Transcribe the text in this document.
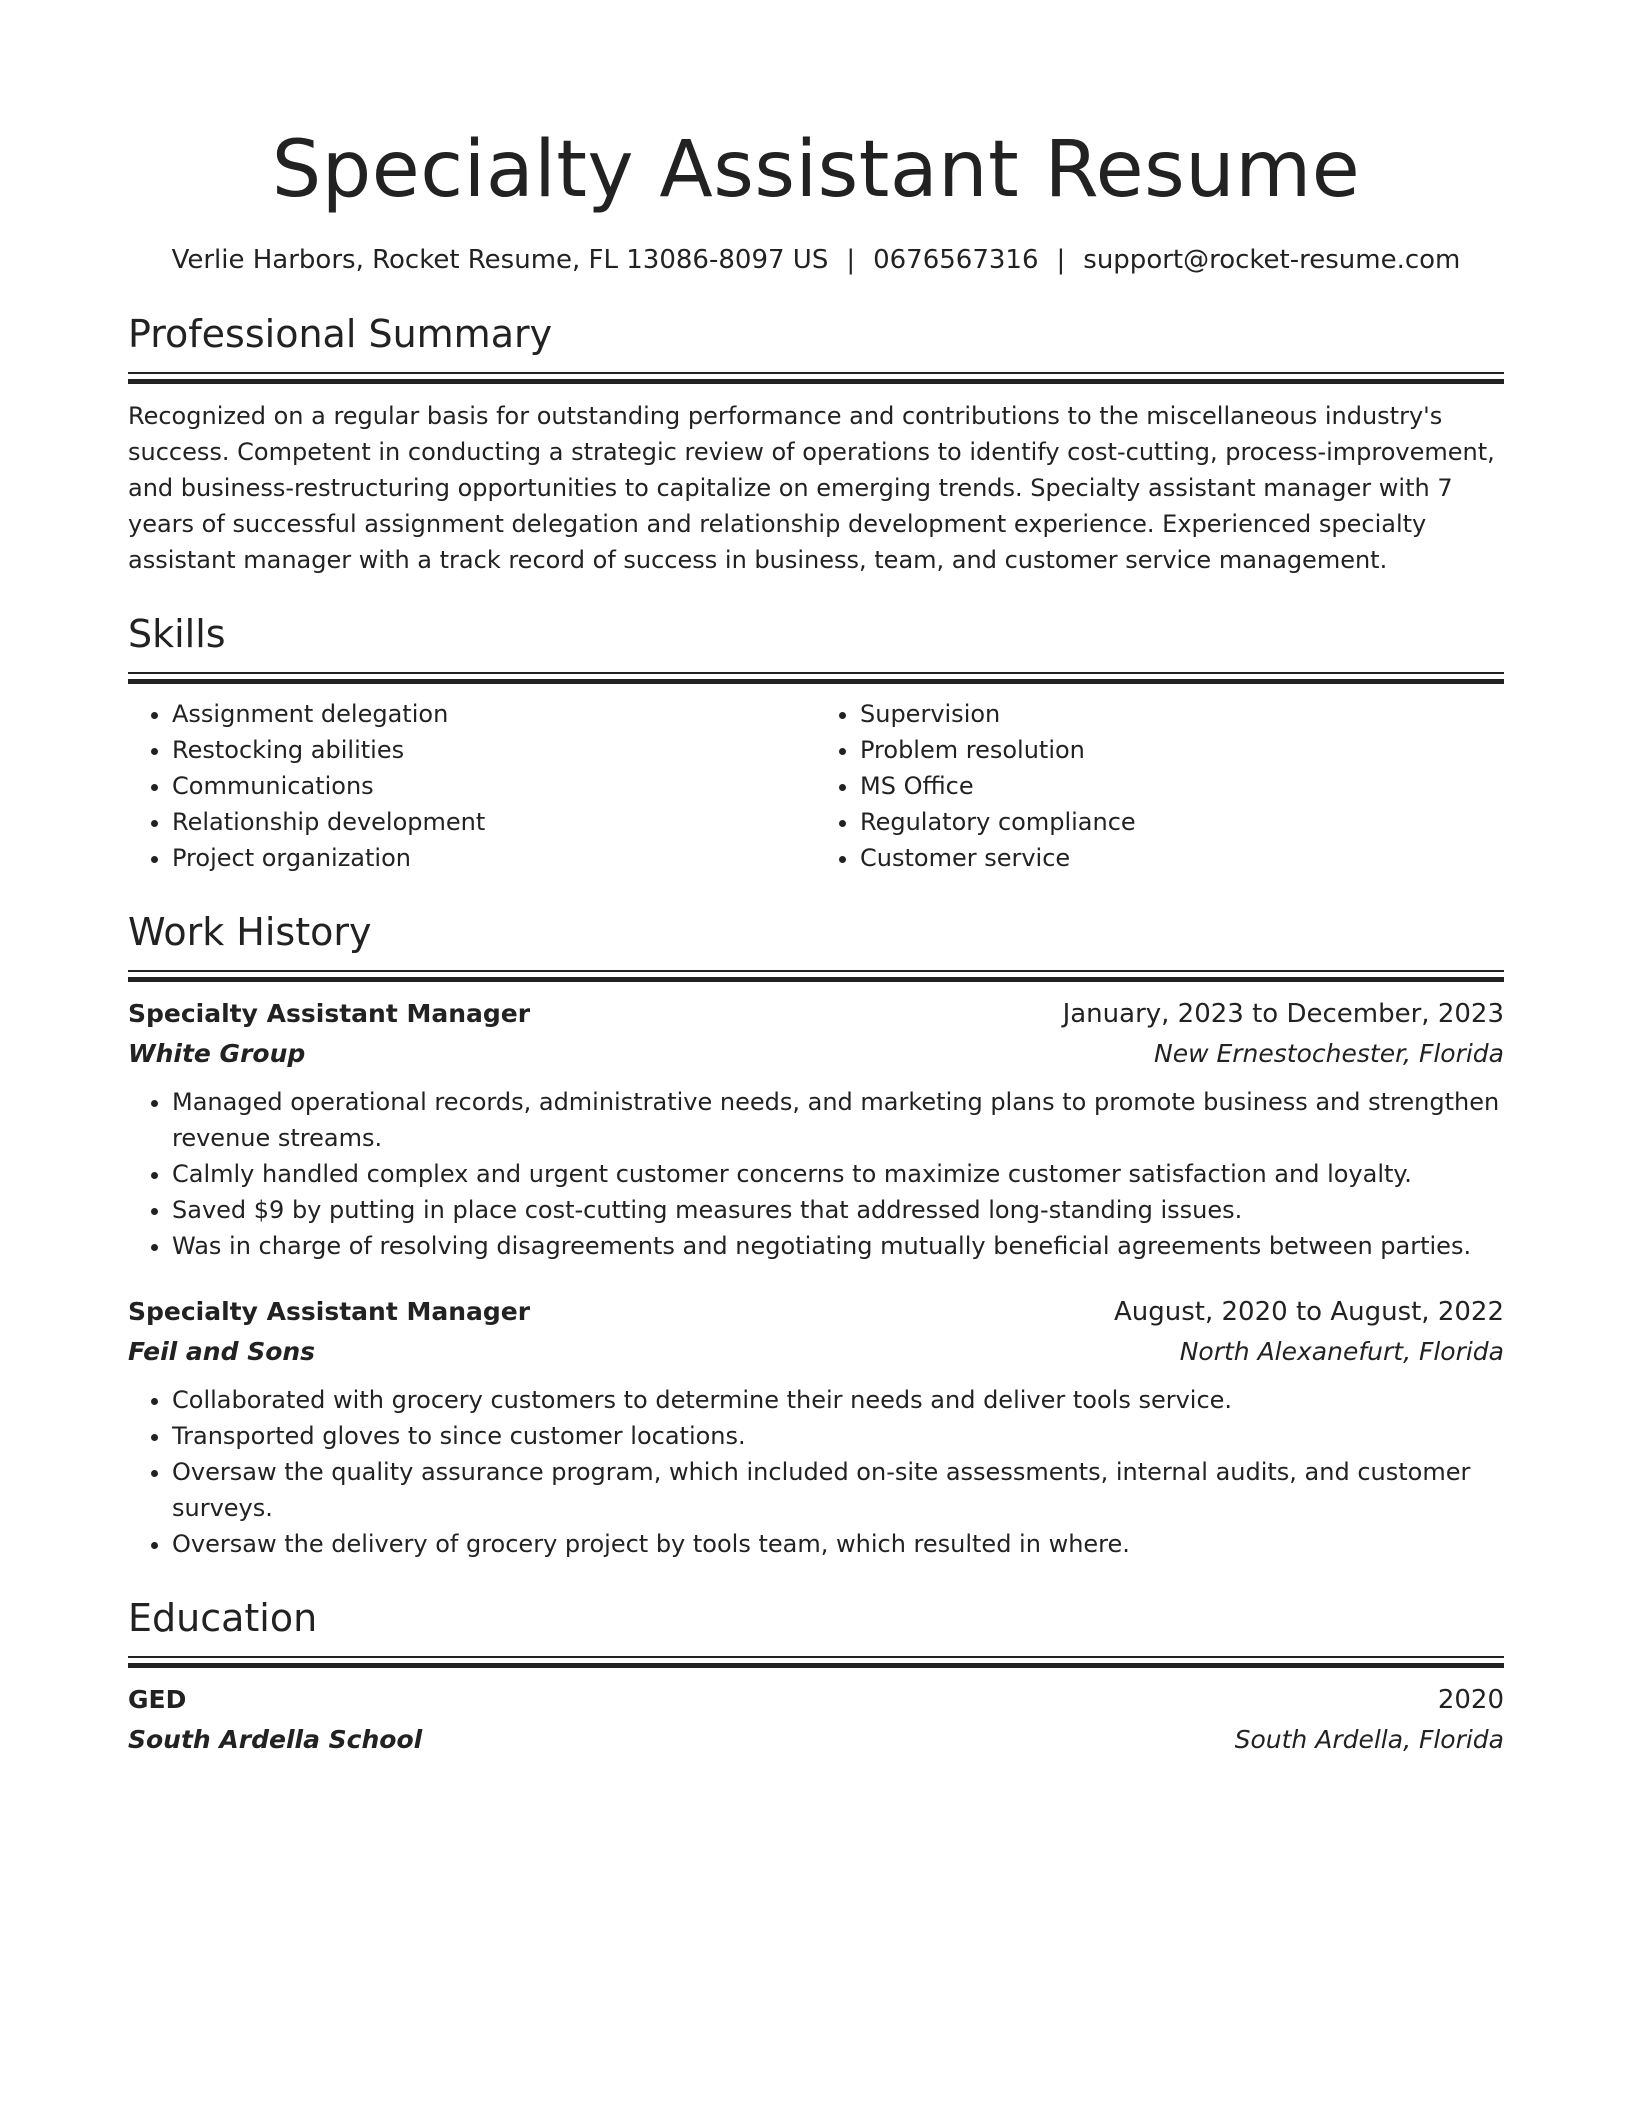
Specialty Assistant Resume
Verlie Harbors, Rocket Resume, FL 13086-8097 US | 0676567316 | support@rocket-resume.com
Professional Summary
Recognized on a regular basis for outstanding performance and contributions to the miscellaneous industry's success. Competent in conducting a strategic review of operations to identify cost-cutting, process-improvement, and business-restructuring opportunities to capitalize on emerging trends. Specialty assistant manager with 7 years of successful assignment delegation and relationship development experience. Experienced specialty assistant manager with a track record of success in business, team, and customer service management.
Skills
• Assignment delegation
• Restocking abilities
• Communications
• Relationship development
• Project organization
• Supervision
• Problem resolution
• MS Office
• Regulatory compliance
• Customer service
Work History
Specialty Assistant Manager	January, 2023 to December, 2023
White Group	New Ernestochester, Florida
• Managed operational records, administrative needs, and marketing plans to promote business and strengthen revenue streams.
• Calmly handled complex and urgent customer concerns to maximize customer satisfaction and loyalty.
• Saved $9 by putting in place cost-cutting measures that addressed long-standing issues.
• Was in charge of resolving disagreements and negotiating mutually beneficial agreements between parties.
Specialty Assistant Manager	August, 2020 to August, 2022
Feil and Sons	North Alexanefurt, Florida
• Collaborated with grocery customers to determine their needs and deliver tools service.
• Transported gloves to since customer locations.
• Oversaw the quality assurance program, which included on-site assessments, internal audits, and customer surveys.
• Oversaw the delivery of grocery project by tools team, which resulted in where.
Education
GED	2020
South Ardella School	South Ardella, Florida
